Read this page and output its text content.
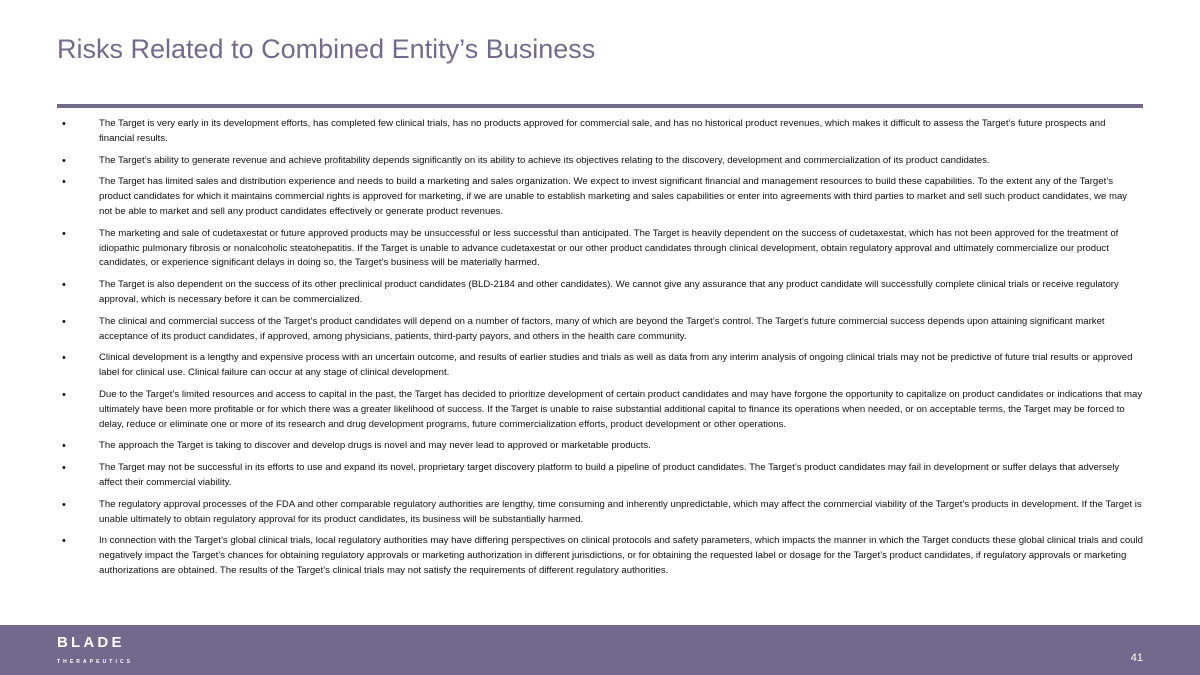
Risks Related to Combined Entity’s Business
•	The Target is very early in its development efforts, has completed few clinical trials, has no products approved for commercial sale, and has no historical product revenues, which makes it difficult to assess the Target’s future prospects and financial results.
•	The Target’s ability to generate revenue and achieve profitability depends significantly on its ability to achieve its objectives relating to the discovery, development and commercialization of its product candidates.
•	The Target has limited sales and distribution experience and needs to build a marketing and sales organization. We expect to invest significant financial and management resources to build these capabilities. To the extent any of the Target’s product candidates for which it maintains commercial rights is approved for marketing, if we are unable to establish marketing and sales capabilities or enter into agreements with third parties to market and sell such product candidates, we may not be able to market and sell any product candidates effectively or generate product revenues.
•	The marketing and sale of cudetaxestat or future approved products may be unsuccessful or less successful than anticipated. The Target is heavily dependent on the success of cudetaxestat, which has not been approved for the treatment of idiopathic pulmonary fibrosis or nonalcoholic steatohepatitis. If the Target is unable to advance cudetaxestat or our other product candidates through clinical development, obtain regulatory approval and ultimately commercialize our product candidates, or experience significant delays in doing so, the Target’s business will be materially harmed.
•	The Target is also dependent on the success of its other preclinical product candidates (BLD-2184 and other candidates). We cannot give any assurance that any product candidate will successfully complete clinical trials or receive regulatory approval, which is necessary before it can be commercialized.
•	The clinical and commercial success of the Target’s product candidates will depend on a number of factors, many of which are beyond the Target’s control. The Target’s future commercial success depends upon attaining significant market acceptance of its product candidates, if approved, among physicians, patients, third-party payors, and others in the health care community.
•	Clinical development is a lengthy and expensive process with an uncertain outcome, and results of earlier studies and trials as well as data from any interim analysis of ongoing clinical trials may not be predictive of future trial results or approved label for clinical use. Clinical failure can occur at any stage of clinical development.
•	Due to the Target’s limited resources and access to capital in the past, the Target has decided to prioritize development of certain product candidates and may have forgone the opportunity to capitalize on product candidates or indications that may ultimately have been more profitable or for which there was a greater likelihood of success. If the Target is unable to raise substantial additional capital to finance its operations when needed, or on acceptable terms, the Target may be forced to delay, reduce or eliminate one or more of its research and drug development programs, future commercialization efforts, product development or other operations.
•	The approach the Target is taking to discover and develop drugs is novel and may never lead to approved or marketable products.
•	The Target may not be successful in its efforts to use and expand its novel, proprietary target discovery platform to build a pipeline of product candidates. The Target’s product candidates may fail in development or suffer delays that adversely affect their commercial viability.
•	The regulatory approval processes of the FDA and other comparable regulatory authorities are lengthy, time consuming and inherently unpredictable, which may affect the commercial viability of the Target’s products in development. If the Target is unable ultimately to obtain regulatory approval for its product candidates, its business will be substantially harmed.
•	In connection with the Target’s global clinical trials, local regulatory authorities may have differing perspectives on clinical protocols and safety parameters, which impacts the manner in which the Target conducts these global clinical trials and could negatively impact the Target’s chances for obtaining regulatory approvals or marketing authorization in different jurisdictions, or for obtaining the requested label or dosage for the Target’s product candidates, if regulatory approvals or marketing authorizations are obtained. The results of the Target’s clinical trials may not satisfy the requirements of different regulatory authorities.
BLADE
THERAPEUTICS	41
